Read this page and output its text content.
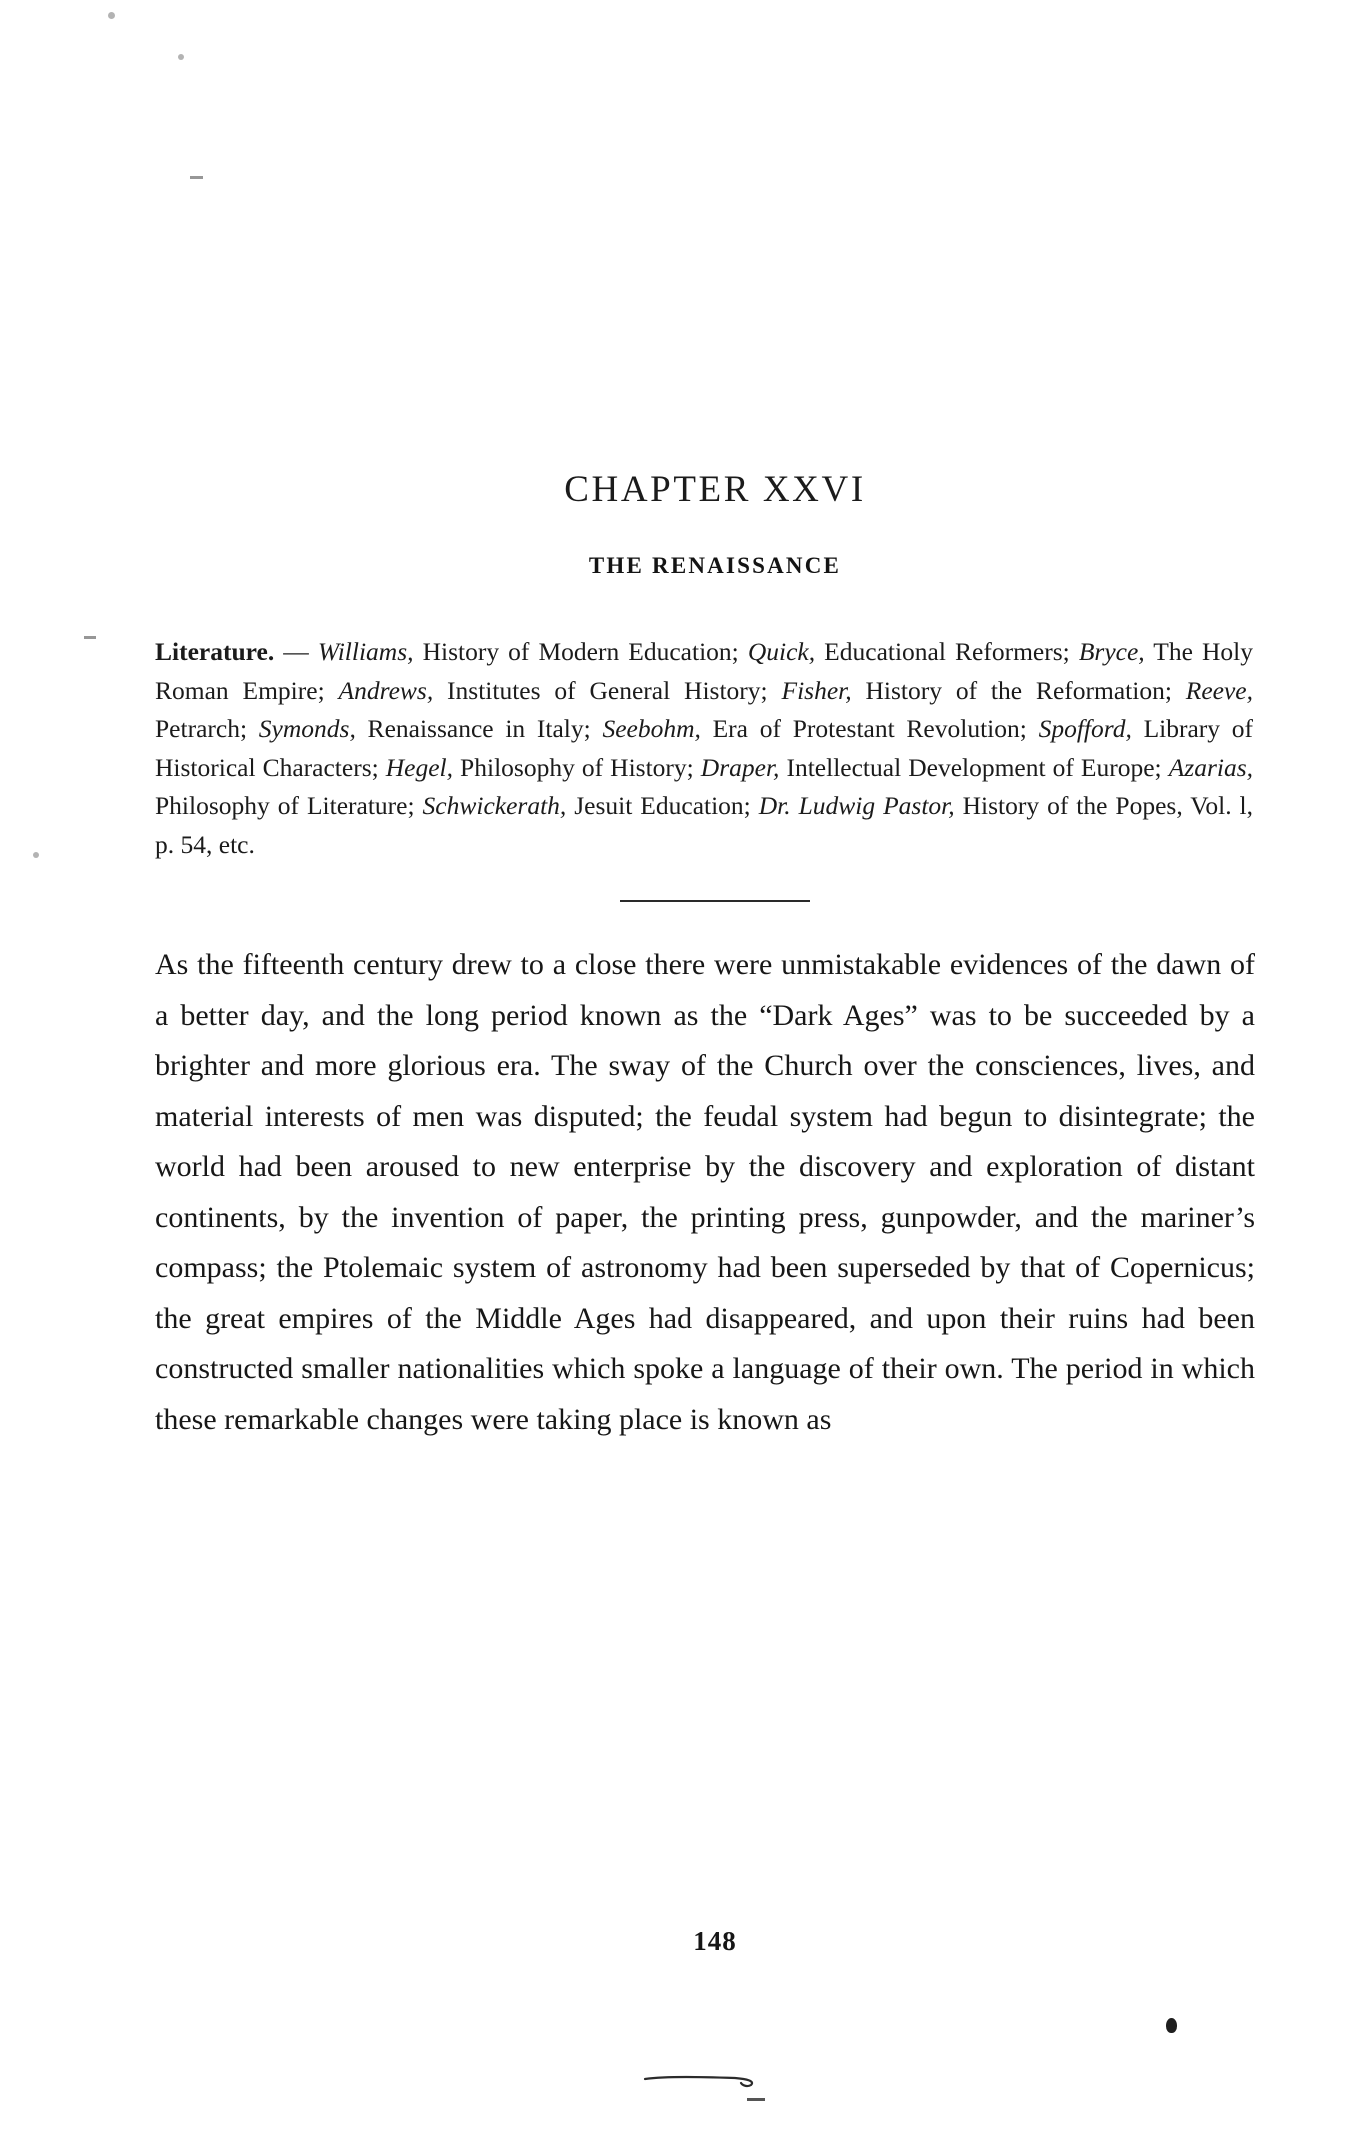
CHAPTER XXVI
THE RENAISSANCE
Literature. — Williams, History of Modern Education; Quick, Educational Reformers; Bryce, The Holy Roman Empire; Andrews, Institutes of General History; Fisher, History of the Reformation; Reeve, Petrarch; Symonds, Renaissance in Italy; Seebohm, Era of Protestant Revolution; Spofford, Library of Historical Characters; Hegel, Philosophy of History; Draper, Intellectual Development of Europe; Azarias, Philosophy of Literature; Schwickerath, Jesuit Education; Dr. Ludwig Pastor, History of the Popes, Vol. l, p. 54, etc.

As the fifteenth century drew to a close there were unmistakable evidences of the dawn of a better day, and the long period known as the “Dark Ages” was to be succeeded by a brighter and more glorious era. The sway of the Church over the consciences, lives, and material interests of men was disputed; the feudal system had begun to disintegrate; the world had been aroused to new enterprise by the discovery and exploration of distant continents, by the invention of paper, the printing press, gunpowder, and the mariner’s compass; the Ptolemaic system of astronomy had been superseded by that of Copernicus; the great empires of the Middle Ages had disappeared, and upon their ruins had been constructed smaller nationalities which spoke a language of their own. The period in which these remarkable changes were taking place is known as

148
